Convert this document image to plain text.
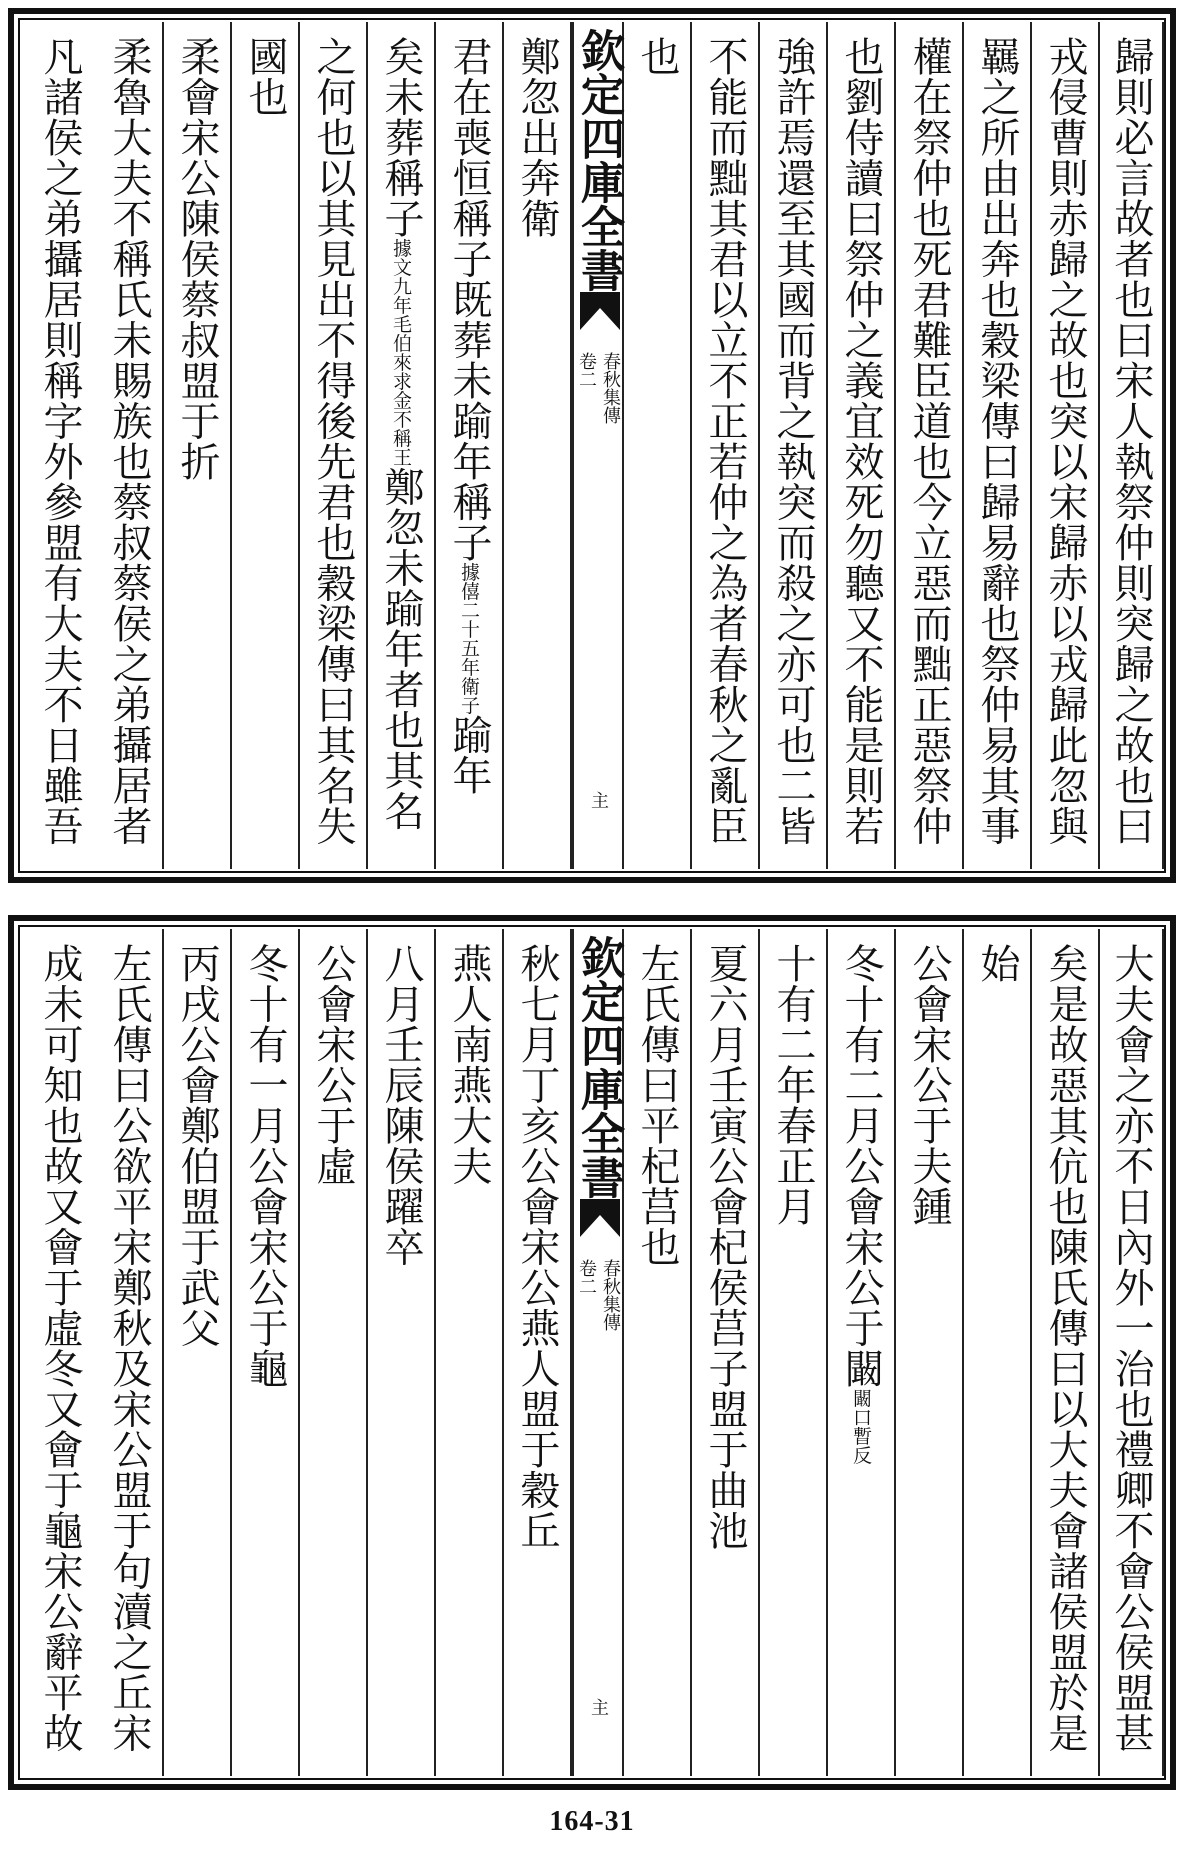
歸則必言故者也曰宋人執祭仲則突歸之故也曰
戎侵曹則赤歸之故也突以宋歸赤以戎歸此忽與
羈之所由出奔也穀梁傳曰歸易辭也祭仲易其事
權在祭仲也死君難臣道也今立惡而黜正惡祭仲
也劉侍讀曰祭仲之義宜效死勿聽又不能是則若
強許焉還至其國而背之執突而殺之亦可也二皆
不能而黜其君以立不正若仲之為者春秋之亂臣
也
欽定四庫全書
春秋集傳
卷二
主
鄭忽出奔衛
君在喪恒稱子既葬未踰年稱子據僖二十五年衛子踰年
矣未葬稱子據文九年毛伯來求金不稱王鄭忽未踰年者也其名
之何也以其見出不得後先君也穀梁傳曰其名失
國也
柔會宋公陳侯蔡叔盟于折
柔魯大夫不稱氏未賜族也蔡叔蔡侯之弟攝居者
凡諸侯之弟攝居則稱字外參盟有大夫不日雖吾
大夫會之亦不日內外一治也禮卿不會公侯盟甚
矣是故惡其伉也陳氏傳曰以大夫會諸侯盟於是
始
公會宋公于夫鍾
冬十有二月公會宋公于闞闞口暫反
十有二年春正月
夏六月壬寅公會杞侯莒子盟于曲池
左氏傳曰平杞莒也
欽定四庫全書
春秋集傳
卷二
主
秋七月丁亥公會宋公燕人盟于穀丘
燕人南燕大夫
八月壬辰陳侯躍卒
公會宋公于虛
冬十有一月公會宋公于龜
丙戌公會鄭伯盟于武父
左氏傳曰公欲平宋鄭秋及宋公盟于句瀆之丘宋
成未可知也故又會于虛冬又會于龜宋公辭平故
164-31
